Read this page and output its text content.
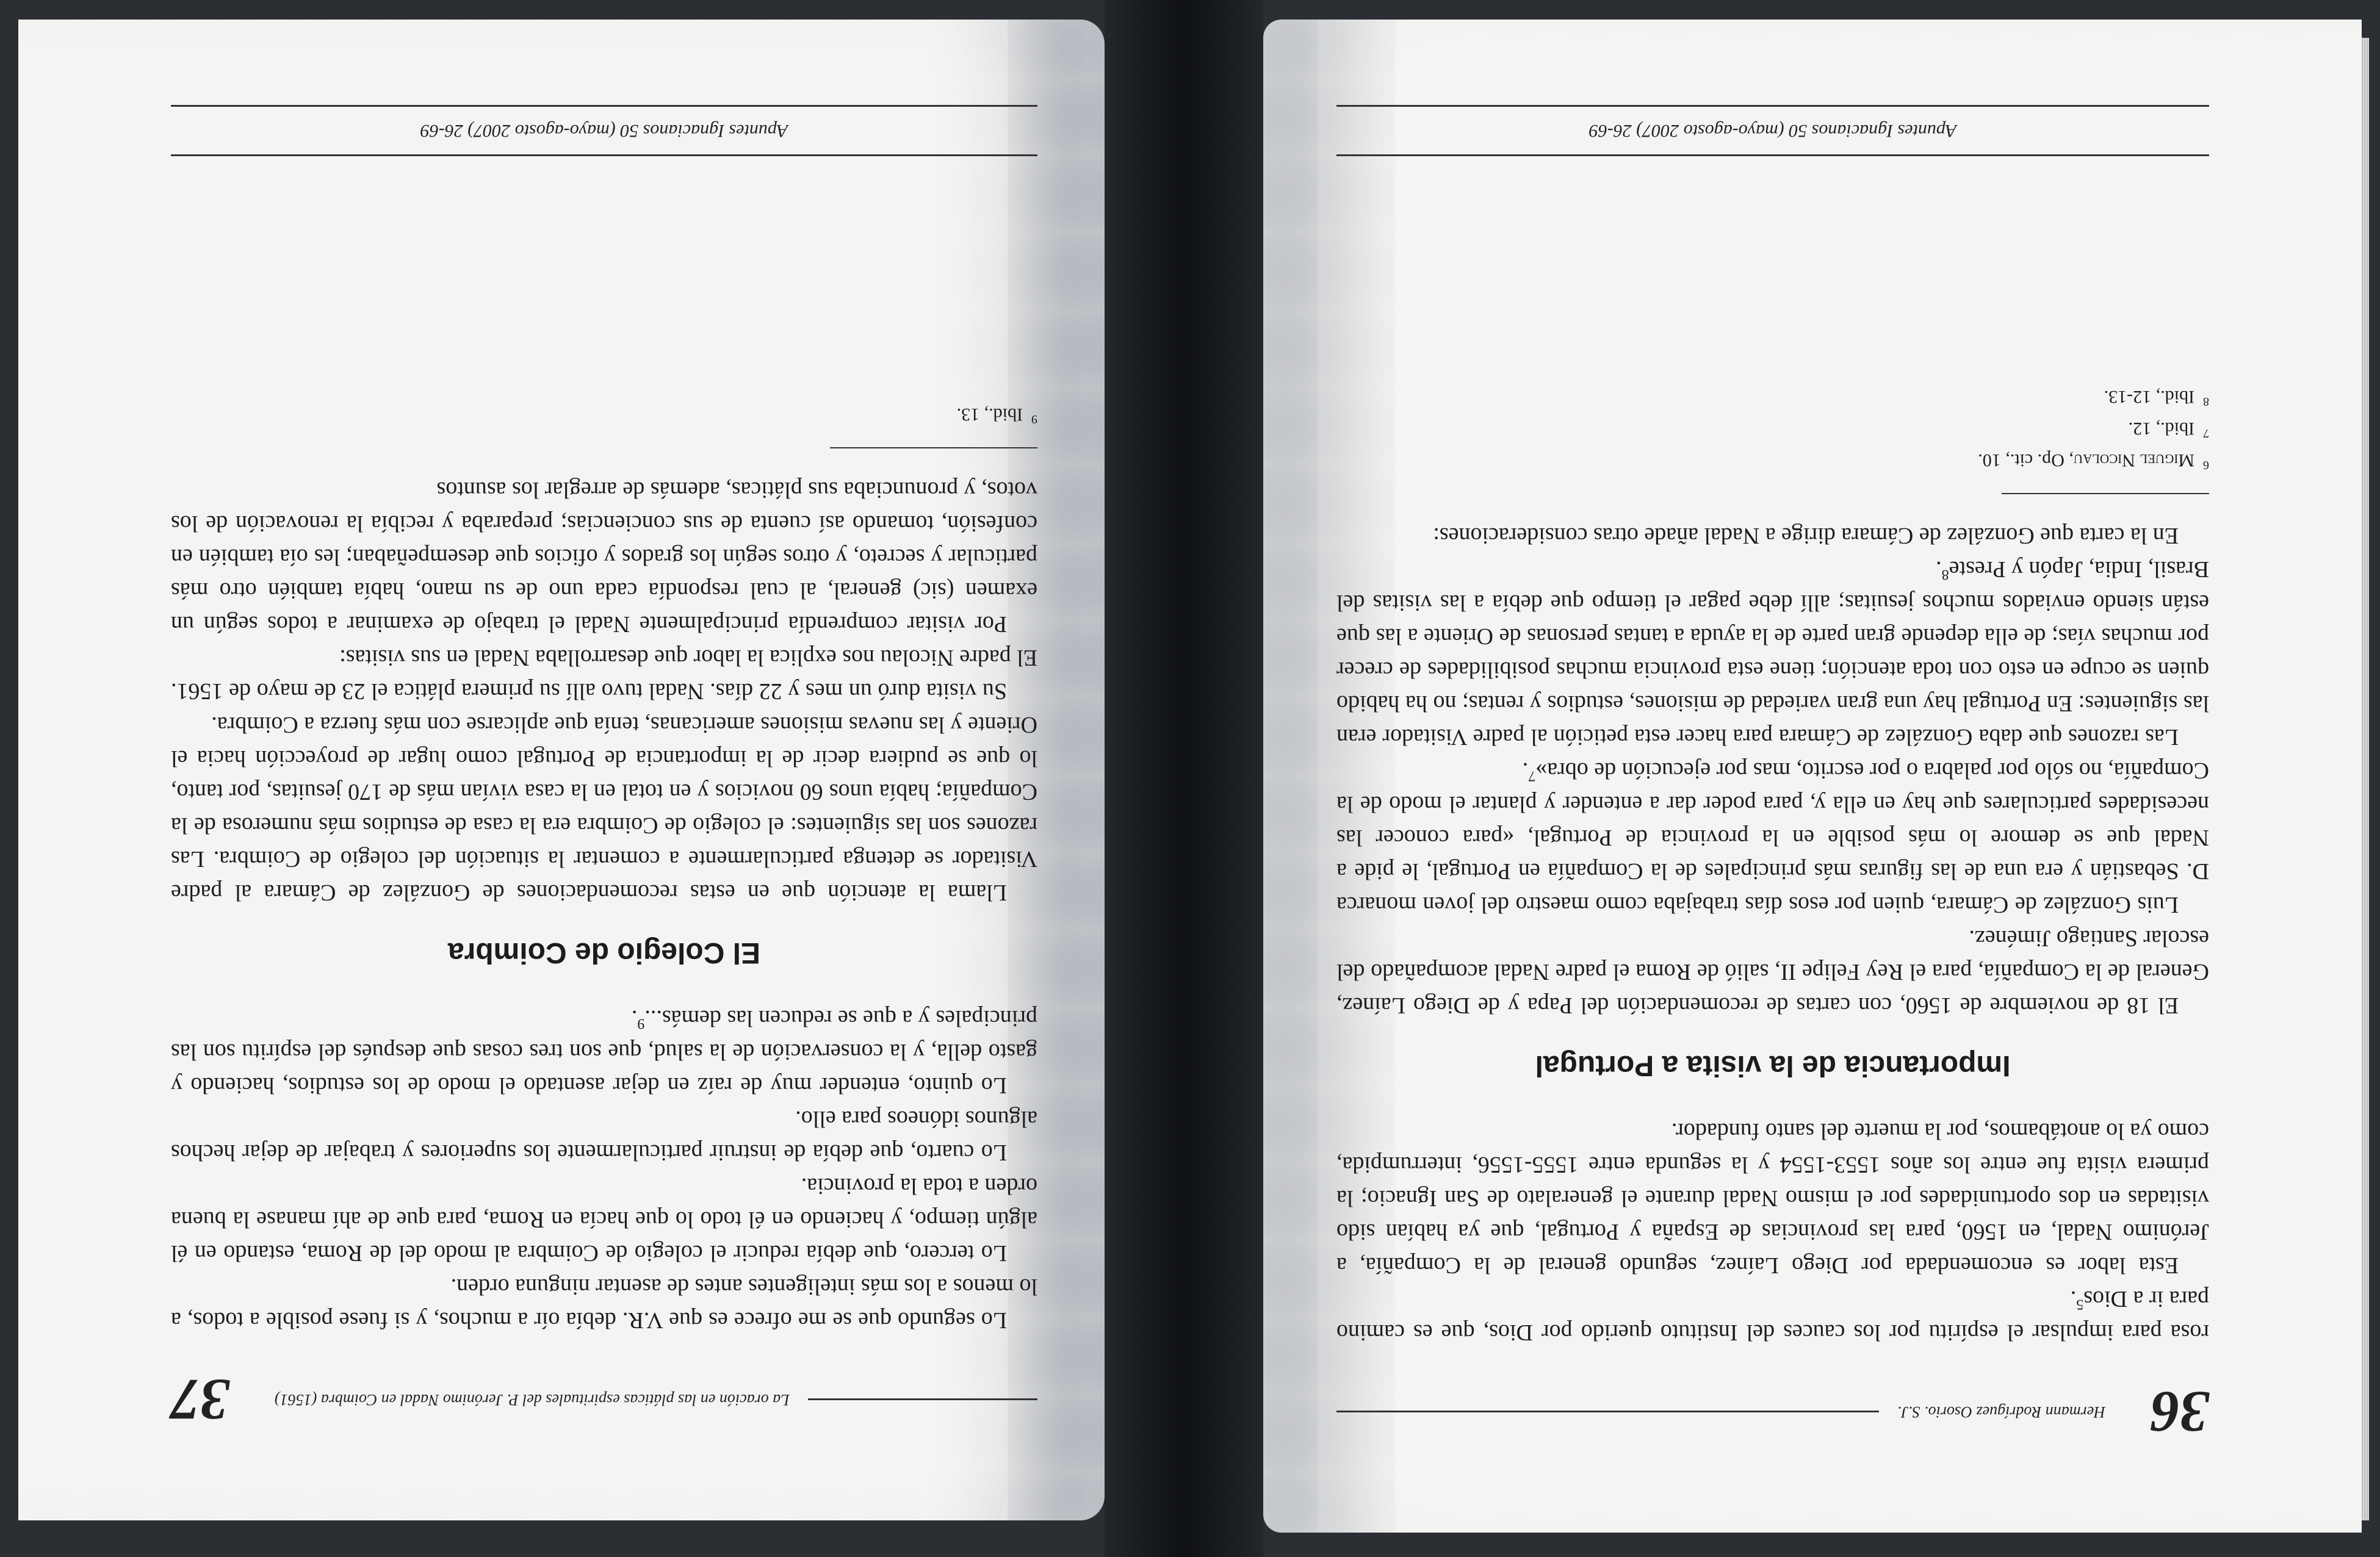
36
Hermann Rodríguez Osorio. S.J.

rosa para impulsar el espíritu por los cauces del Instituto querido por Dios, que es camino para ir a Dios$^5$.

Esta labor es encomendada por Diego Laínez, segundo general de la Compañía, a Jerónimo Nadal, en 1560, para las provincias de España y Portugal, que ya habían sido visitadas en dos oportunidades por el mismo Nadal durante el generalato de San Ignacio; la primera visita fue entre los años 1553-1554 y la segunda entre 1555-1556, interrumpida, como ya lo anotábamos, por la muerte del santo fundador.

Importancia de la visita a Portugal

El 18 de noviembre de 1560, con cartas de recomendación del Papa y de Diego Laínez, General de la Compañía, para el Rey Felipe II, salió de Roma el padre Nadal acompañado del escolar Santiago Jiménez.

Luis González de Cámara, quien por esos días trabajaba como maestro del joven monarca D. Sebastián y era una de las figuras más principales de la Compañía en Portugal, le pide a Nadal que se demore lo más posible en la provincia de Portugal, «para conocer las necesidades particulares que hay en ella y, para poder dar a entender y plantar el modo de la Compañía, no sólo por palabra o por escrito, mas por ejecución de obra»$^7$.

Las razones que daba González de Cámara para hacer esta petición al padre Visitador eran las siguientes: En Portugal hay una gran variedad de misiones, estudios y rentas; no ha habido quien se ocupe en esto con toda atención; tiene esta provincia muchas posibilidades de crecer por muchas vías; de ella depende gran parte de la ayuda a tantas personas de Oriente a las que están siendo enviados muchos jesuitas; allí debe pagar el tiempo que debía a las visitas del Brasil, India, Japón y Preste$^8$.

En la carta que González de Cámara dirige a Nadal añade otras consideraciones:

$^6$Miguel Nicolau, Op. cit., 10.

$^7$Ibid., 12.

$^8$Ibid., 12-13.

Apuntes Ignacianos 50 (mayo-agosto 2007) 26-69
37	La oración en las pláticas espirituales del P. Jerónimo Nadal en Coimbra (1561)

Lo segundo que se me ofrece es que V.R. debía oír a muchos, y si fuese posible a todos, a lo menos a los más inteligentes antes de asentar ninguna orden.

Lo tercero, que debía reducir el colegio de Coimbra al modo del de Roma, estando en él algún tiempo, y haciendo en él todo lo que hacía en Roma, para que de ahí manase la buena orden a toda la provincia.

Lo cuarto, que debía de instruir particularmente los superiores y trabajar de dejar hechos algunos idóneos para ello.

Lo quinto, entender muy de raíz en dejar asentado el modo de los estudios, haciendo y gasto della, y la conservación de la salud, que son tres cosas que después del espíritu son las principales y a que se reducen las demás...$^9$.

El Colegio de Coimbra

Llama la atención que en estas recomendaciones de González de Cámara al padre Visitador se detenga particularmente a comentar la situación del colegio de Coimbra. Las razones son las siguientes: el colegio de Coimbra era la casa de estudios más numerosa de la Compañía; había unos 60 novicios y en total en la casa vivían más de 170 jesuitas, por tanto, lo que se pudiera decir de la importancia de Portugal como lugar de proyección hacia el Oriente y las nuevas misiones americanas, tenía que aplicarse con más fuerza a Coimbra.

Su visita duró un mes y 22 días. Nadal tuvo allí su primera plática el 23 de mayo de 1561. El padre Nicolau nos explica la labor que desarrollaba Nadal en sus visitas:

Por visitar comprendía principalmente Nadal el trabajo de examinar a todos según un examen (sic) general, al cual respondía cada uno de su mano, había también otro más particular y secreto, y otros según los grados y oficios que desempeñaban; les oía también en confesión, tomando así cuenta de sus conciencias; preparaba y recibía la renovación de los votos, y pronunciaba sus pláticas, además de arreglar los asuntos

$^9$Ibid., 13.

Apuntes Ignacianos 50 (mayo-agosto 2007) 26-69
